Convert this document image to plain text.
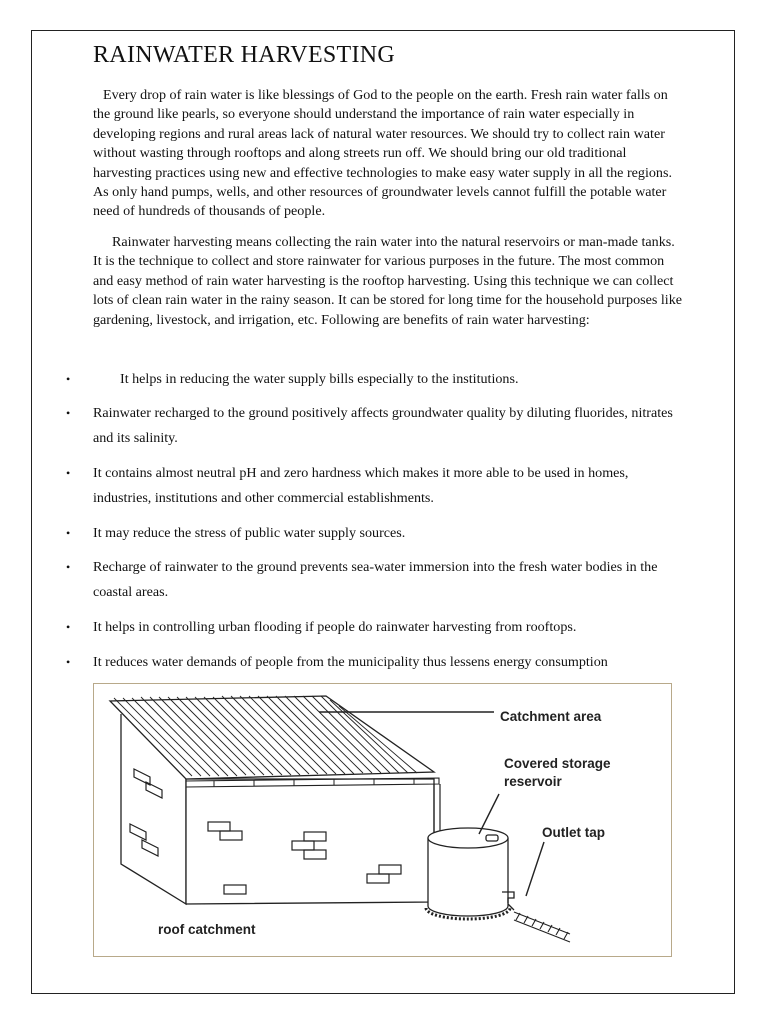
RAINWATER HARVESTING

Every drop of rain water is like blessings of God to the people on the earth. Fresh rain water falls on the ground like pearls, so everyone should understand the importance of rain water especially in developing regions and rural areas lack of natural water resources. We should try to collect rain water without wasting through rooftops and along streets run off. We should bring our old traditional harvesting practices using new and effective technologies to make easy water supply in all the regions. As only hand pumps, wells, and other resources of groundwater levels cannot fulfill the potable water need of hundreds of thousands of people.

Rainwater harvesting means collecting the rain water into the natural reservoirs or man-made tanks. It is the technique to collect and store rainwater for various purposes in the future. The most common and easy method of rain water harvesting is the rooftop harvesting. Using this technique we can collect lots of clean rain water in the rainy season. It can be stored for long time for the household purposes like gardening, livestock, and irrigation, etc. Following are benefits of rain water harvesting:

•	It helps in reducing the water supply bills especially to the institutions.
• Rainwater recharged to the ground positively affects groundwater quality by diluting fluorides, nitrates and its salinity.
• It contains almost neutral pH and zero hardness which makes it more able to be used in homes, industries, institutions and other commercial establishments.
• It may reduce the stress of public water supply sources.
• Recharge of rainwater to the ground prevents sea-water immersion into the fresh water bodies in the coastal areas.
• It helps in controlling urban flooding if people do rainwater harvesting from rooftops.
• It reduces water demands of people from the municipality thus lessens energy consumption
Catchment area
Covered storage
reservoir
Outlet tap
roof catchment
